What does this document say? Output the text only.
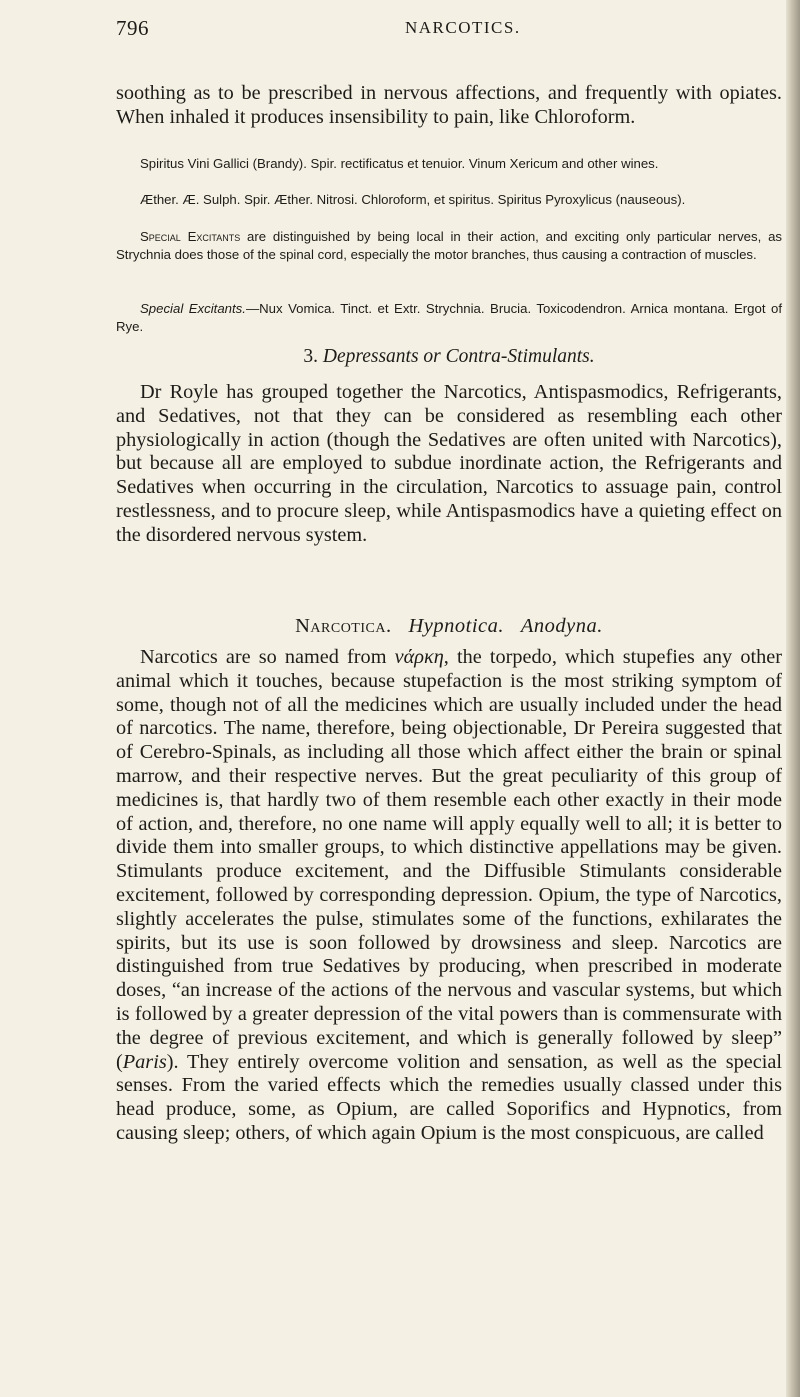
796	NARCOTICS.

soothing as to be prescribed in nervous affections, and frequently with opiates. When inhaled it produces insensibility to pain, like Chloroform.

Spiritus Vini Gallici (Brandy). Spir. rectificatus et tenuior. Vinum Xericum and other wines.

Æther. Æ. Sulph. Spir. Æther. Nitrosi. Chloroform, et spiritus. Spiritus Pyroxylicus (nauseous).

Special Excitants are distinguished by being local in their action, and exciting only particular nerves, as Strychnia does those of the spinal cord, especially the motor branches, thus causing a contraction of muscles.

Special Excitants.—Nux Vomica. Tinct. et Extr. Strychnia. Brucia. Toxicodendron. Arnica montana. Ergot of Rye.

3. Depressants or Contra-Stimulants.

Dr Royle has grouped together the Narcotics, Antispasmodics, Refrigerants, and Sedatives, not that they can be considered as resembling each other physiologically in action (though the Sedatives are often united with Narcotics), but because all are employed to subdue inordinate action, the Refrigerants and Sedatives when occurring in the circulation, Narcotics to assuage pain, control restlessness, and to procure sleep, while Antispasmodics have a quieting effect on the disordered nervous system.

Narcotica. Hypnotica. Anodyna.

Narcotics are so named from νάρκη, the torpedo, which stupefies any other animal which it touches, because stupefaction is the most striking symptom of some, though not of all the medicines which are usually included under the head of narcotics. The name, therefore, being objectionable, Dr Pereira suggested that of Cerebro-Spinals, as including all those which affect either the brain or spinal marrow, and their respective nerves. But the great peculiarity of this group of medicines is, that hardly two of them resemble each other exactly in their mode of action, and, therefore, no one name will apply equally well to all; it is better to divide them into smaller groups, to which distinctive appellations may be given. Stimulants produce excitement, and the Diffusible Stimulants considerable excitement, followed by corresponding depression. Opium, the type of Narcotics, slightly accelerates the pulse, stimulates some of the functions, exhilarates the spirits, but its use is soon followed by drowsiness and sleep. Narcotics are distinguished from true Sedatives by producing, when prescribed in moderate doses, “an increase of the actions of the nervous and vascular systems, but which is followed by a greater depression of the vital powers than is commensurate with the degree of previous excitement, and which is generally followed by sleep” (Paris). They entirely overcome volition and sensation, as well as the special senses. From the varied effects which the remedies usually classed under this head produce, some, as Opium, are called Soporifics and Hypnotics, from causing sleep; others, of which again Opium is the most conspicuous, are called
